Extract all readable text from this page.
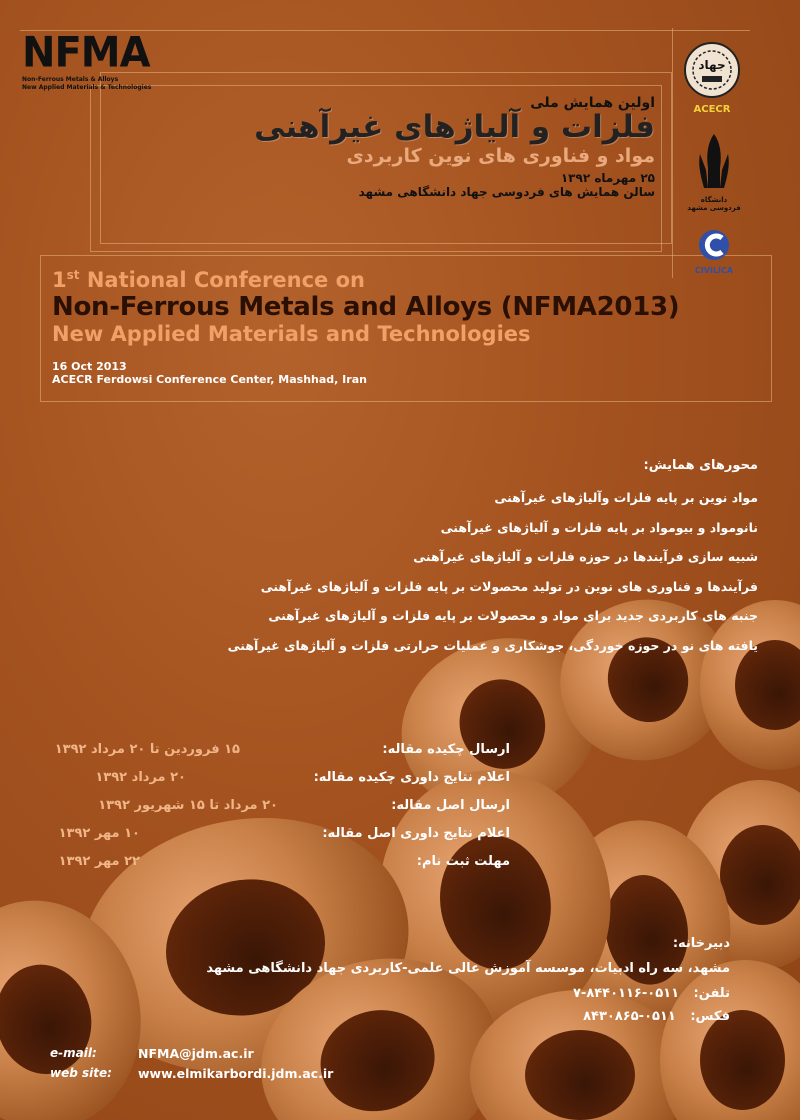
NFMA
Non-Ferrous Metals & Alloys
New Applied Materials & Technologies
جهاد
ACECR
دانشگاه فردوسی مشهد
CIVILICA
اولین همایش ملی
فلزات و آلیاژهای غیرآهنی
مواد و فناوری های نوین کاربردی
۲۵ مهرماه ۱۳۹۲
سالن همایش های فردوسی جهاد دانشگاهی مشهد
1st National Conference on
Non-Ferrous Metals and Alloys (NFMA2013)
New Applied Materials and Technologies
16 Oct 2013
ACECR Ferdowsi Conference Center, Mashhad, Iran
محورهای همایش:
مواد نوین بر پایه فلزات وآلیاژهای غیرآهنی
نانومواد و بیومواد بر پایه فلزات و آلیاژهای غیرآهنی
شبیه سازی فرآیندها در حوزه فلزات و آلیاژهای غیرآهنی
فرآیندها و فناوری های نوین در تولید محصولات بر پایه فلزات و آلیاژهای غیرآهنی
جنبه های کاربردی جدید برای مواد و محصولات بر پایه فلزات و آلیاژهای غیرآهنی
یافته های نو در حوزه خوردگی، جوشکاری و عملیات حرارتی فلزات و آلیاژهای غیرآهنی
ارسال چکیده مقاله:
۱۵ فروردین تا ۲۰ مرداد ۱۳۹۲
اعلام نتایج داوری چکیده مقاله:
۲۰ مرداد ۱۳۹۲
ارسال اصل مقاله:
۲۰ مرداد تا ۱۵ شهریور ۱۳۹۲
اعلام نتایج داوری اصل مقاله:
۱۰ مهر ۱۳۹۲
مهلت ثبت نام:
۲۲ مهر ۱۳۹۲
دبیرخانه:
مشهد، سه راه ادبیات، موسسه آموزش عالی علمی-کاربردی جهاد دانشگاهی مشهد
تلفن: ۰۵۱۱-۸۴۴۰۱۱۶-۷
فکس: ۰۵۱۱-۸۴۳۰۸۶۵
e-mail:	NFMA@jdm.ac.ir
web site: www.elmikarbordi.jdm.ac.ir
